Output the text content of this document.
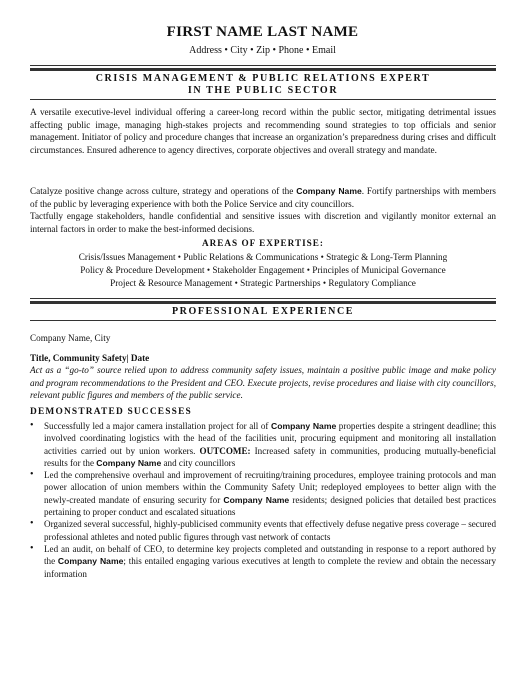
FIRST NAME LAST NAME
Address • City • Zip • Phone • Email
CRISIS MANAGEMENT & PUBLIC RELATIONS EXPERT
IN THE PUBLIC SECTOR

A versatile executive-level individual offering a career-long record within the public sector, mitigating detrimental issues affecting public image, managing high-stakes projects and recommending sound strategies to top officials and senior management. Initiator of policy and procedure changes that increase an organization’s preparedness during crises and difficult circumstances. Ensured adherence to agency directives, corporate objectives and overall strategy and mandate.

Catalyze positive change across culture, strategy and operations of the Company Name. Fortify partnerships with members of the public by leveraging experience with both the Police Service and city councillors.

Tactfully engage stakeholders, handle confidential and sensitive issues with discretion and vigilantly monitor external an internal factors in order to make the best-informed decisions.

AREAS OF EXPERTISE:
Crisis/Issues Management • Public Relations & Communications • Strategic & Long-Term Planning
Policy & Procedure Development • Stakeholder Engagement • Principles of Municipal Governance
Project & Resource Management • Strategic Partnerships • Regulatory Compliance
PROFESSIONAL EXPERIENCE
Company Name, City
Title, Community Safety| Date

Act as a “go-to” source relied upon to address community safety issues, maintain a positive public image and make policy and program recommendations to the President and CEO. Execute projects, revise procedures and liaise with city councillors, relevant public figures and members of the public service.

DEMONSTRATED SUCCESSES
• Successfully led a major camera installation project for all of Company Name properties despite a stringent deadline; this involved coordinating logistics with the head of the facilities unit, procuring equipment and monitoring all installation activities carried out by union workers. OUTCOME: Increased safety in communities, producing mutually-beneficial results for the Company Name and city councillors
• Led the comprehensive overhaul and improvement of recruiting/training procedures, employee training protocols and man power allocation of union members within the Community Safety Unit; redeployed employees to better align with the newly-created mandate of ensuring security for Company Name residents; designed policies that detailed best practices pertaining to proper conduct and escalated situations
• Organized several successful, highly-publicised community events that effectively defuse negative press coverage – secured professional athletes and noted public figures through vast network of contacts
• Led an audit, on behalf of CEO, to determine key projects completed and outstanding in response to a report authored by the Company Name; this entailed engaging various executives at length to complete the review and obtain the necessary information
